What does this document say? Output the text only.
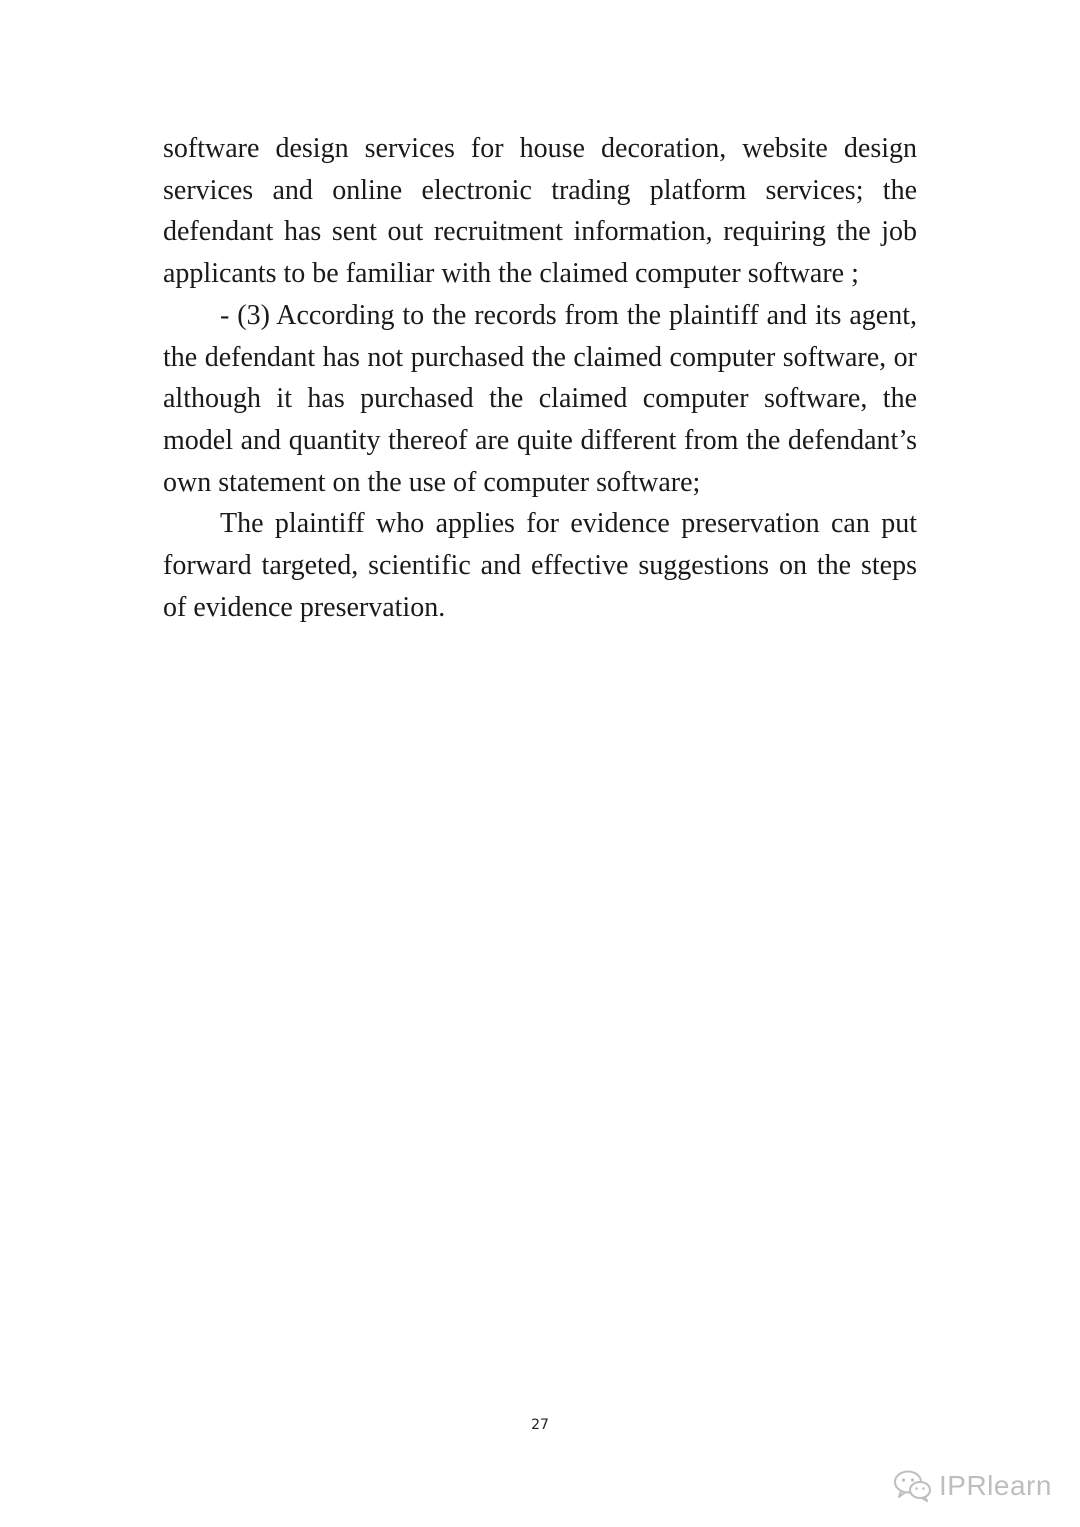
software design services for house decoration, website design services and online electronic trading platform services; the defendant has sent out recruitment information, requiring the job applicants to be familiar with the claimed computer software ;

- (3) According to the records from the plaintiff and its agent, the defendant has not purchased the claimed computer software, or although it has purchased the claimed computer software, the model and quantity thereof are quite different from the defendant’s own statement on the use of computer software;

The plaintiff who applies for evidence preservation can put forward targeted, scientific and effective suggestions on the steps of evidence preservation.

27
IPRlearn
